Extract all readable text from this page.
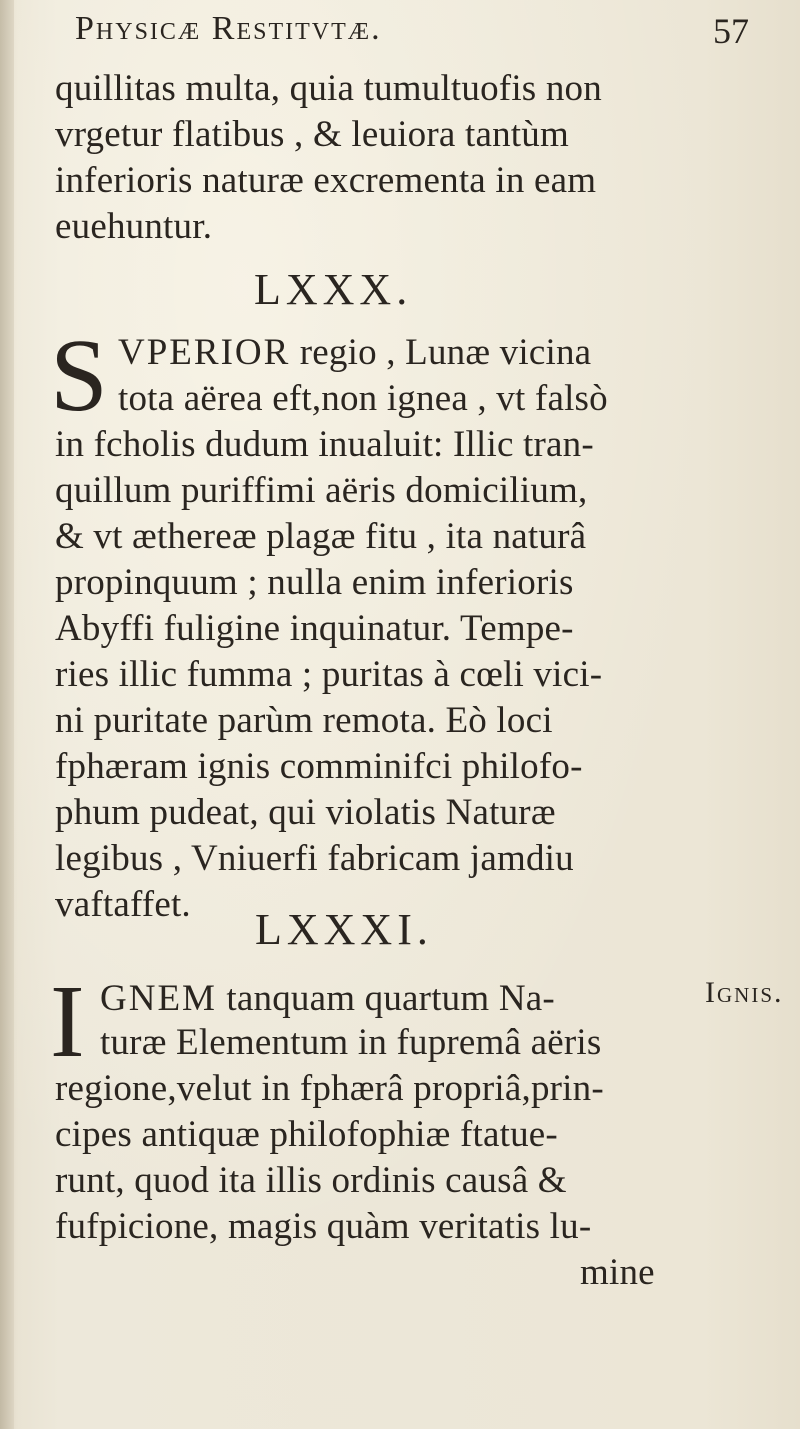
Physicæ Restitvtæ.	57
quillitas multa, quia tumultuofis non
vrgetur flatibus , & leuiora tantùm
inferioris naturæ excrementa in eam
euehuntur.
LXXX.
S VPERIOR regio , Lunæ vicina
tota aërea eft,non ignea , vt falsò
in fcholis dudum inualuit: Illic tran-
quillum puriffimi aëris domicilium,
& vt æthereæ plagæ fitu , ita naturâ
propinquum ; nulla enim inferioris
Abyffi fuligine inquinatur. Tempe-
ries illic fumma ; puritas à cœli vici-
ni puritate parùm remota. Eò loci
fphæram ignis comminifci philofo-
phum pudeat, qui violatis Naturæ
legibus , Vniuerfi fabricam jamdiu
vaftaffet.
LXXXI.
I GNEM tanquam quartum Na-	Ignis.
turæ Elementum in fupremâ aëris
regione,velut in fphærâ propriâ,prin-
cipes antiquæ philofophiæ ftatue-
runt, quod ita illis ordinis causâ &
fufpicione, magis quàm veritatis lu-
mine
